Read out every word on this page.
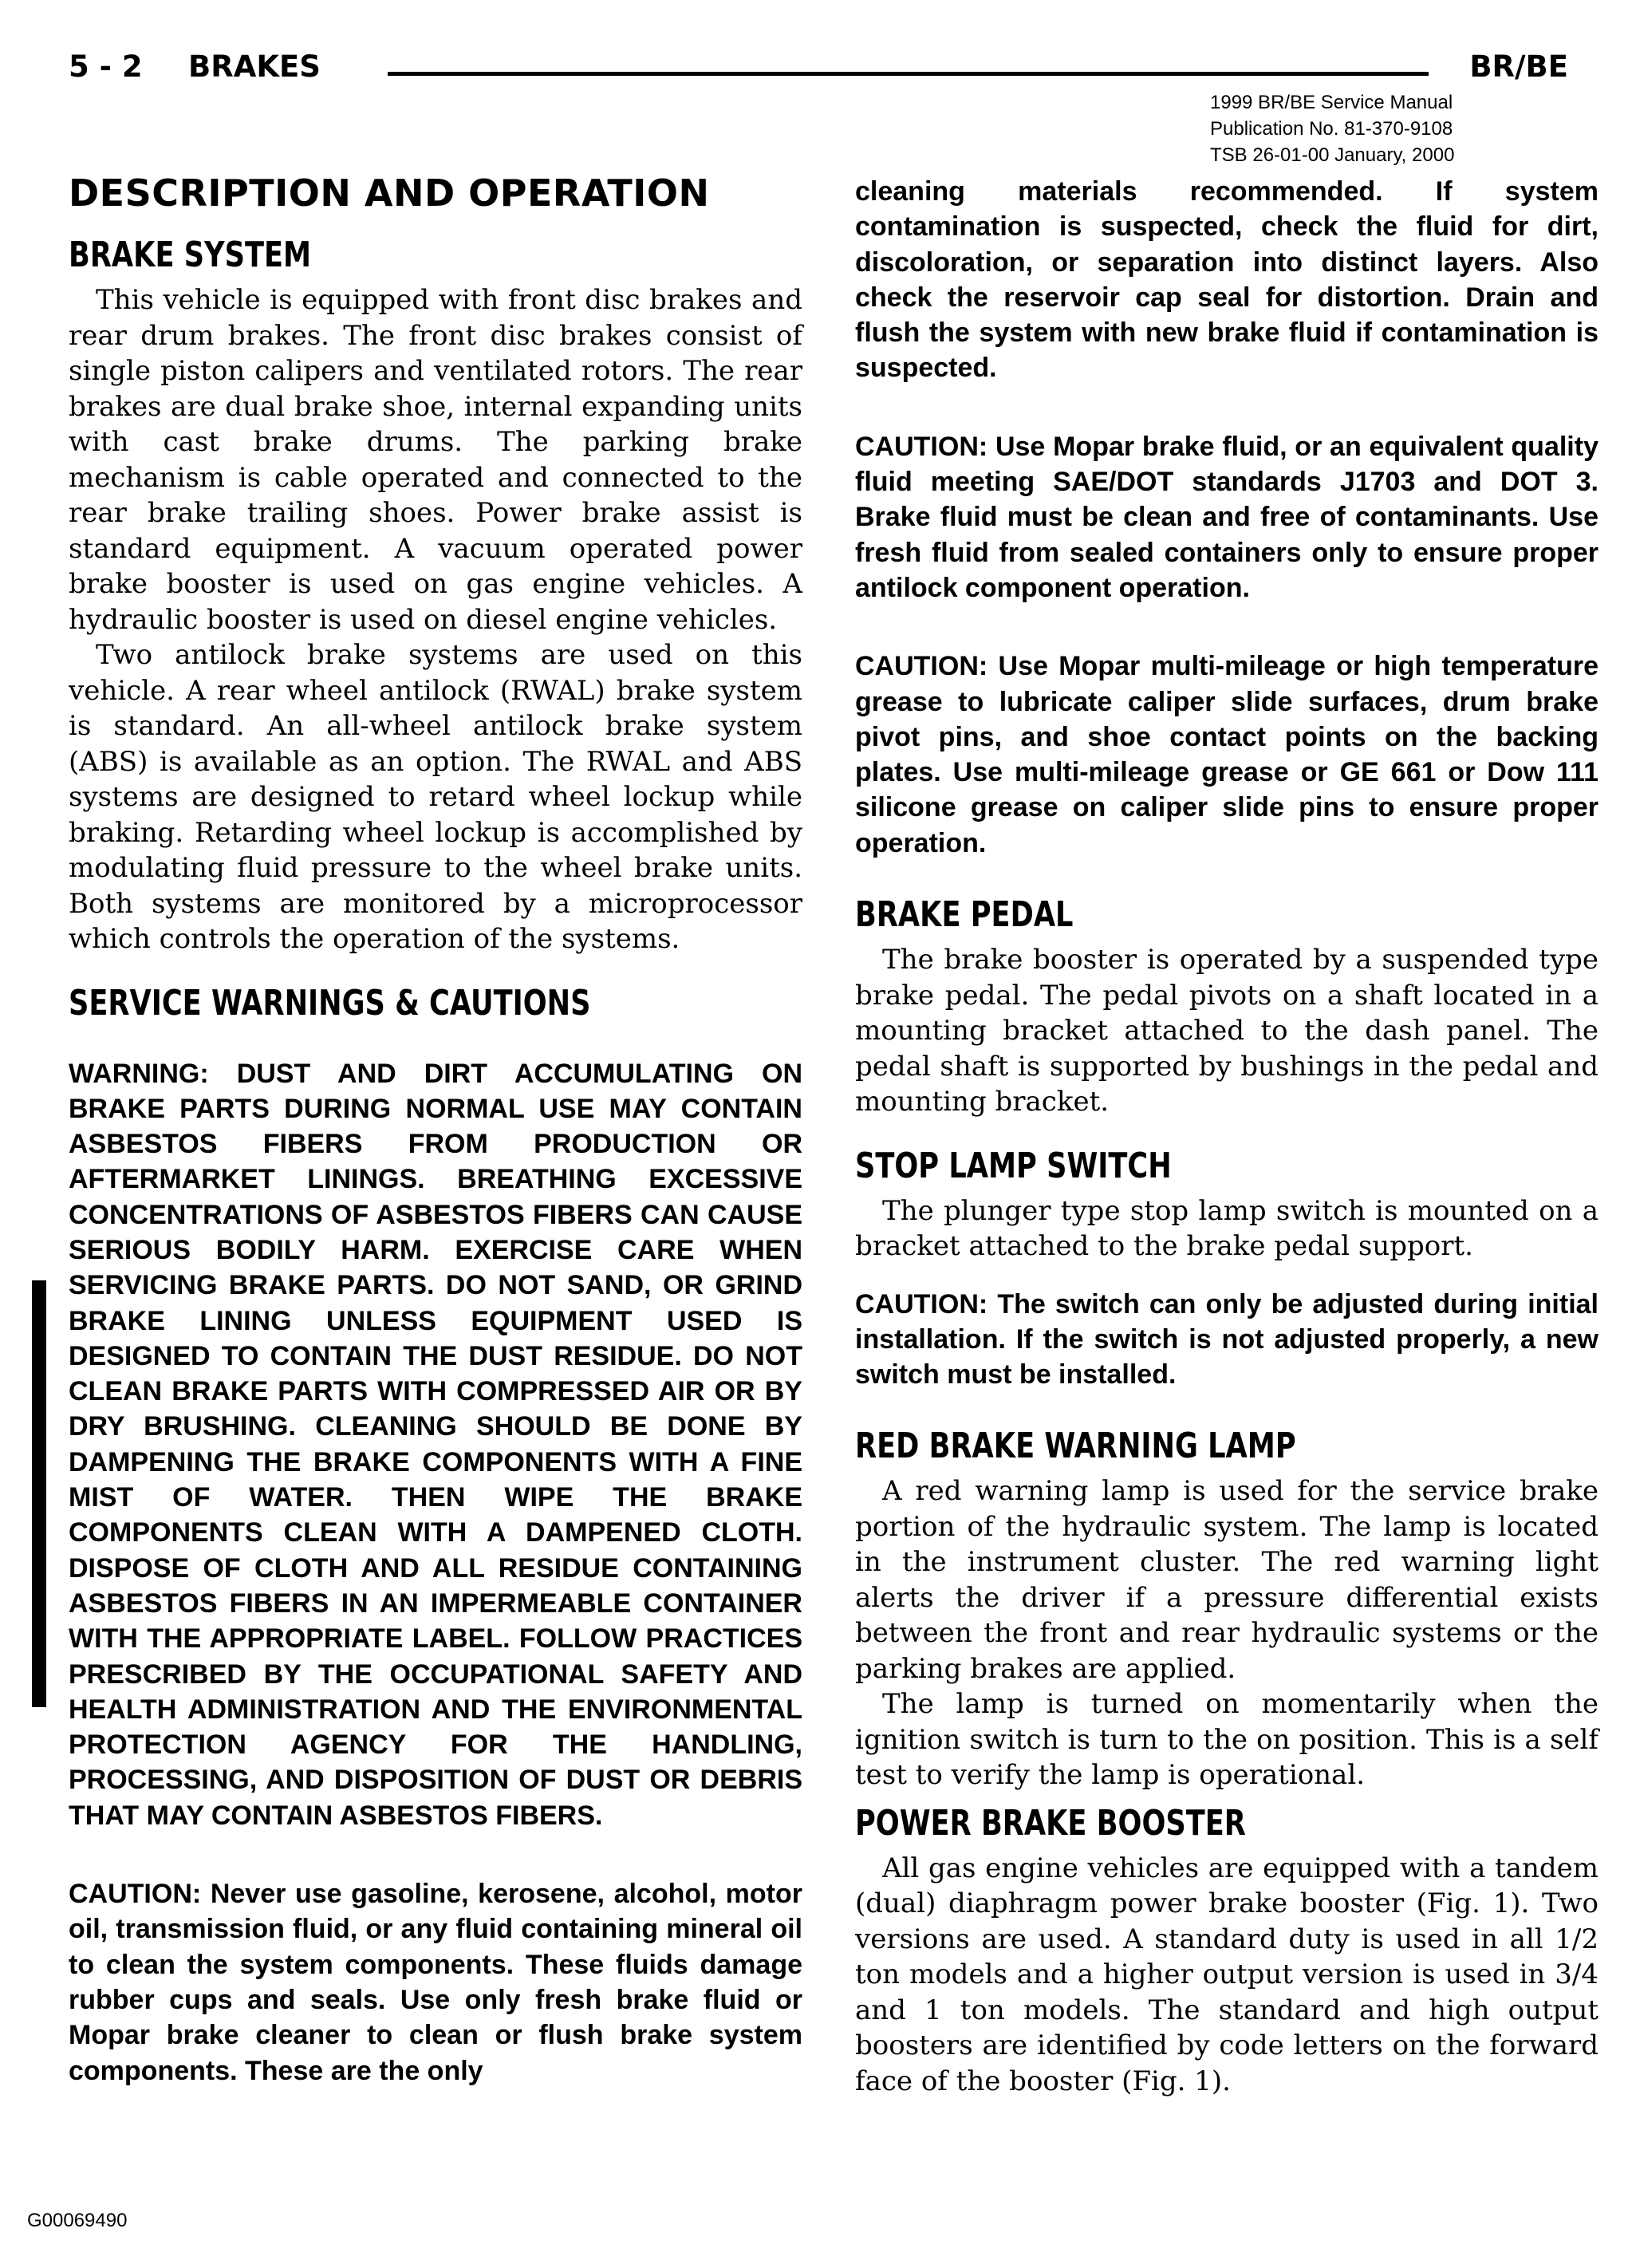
5 - 2 BRAKES	BR/BE
1999 BR/BE Service Manual
Publication No. 81-370-9108
TSB 26-01-00 January, 2000
DESCRIPTION AND OPERATION
BRAKE SYSTEM

This vehicle is equipped with front disc brakes and rear drum brakes. The front disc brakes consist of single piston calipers and ventilated rotors. The rear brakes are dual brake shoe, internal expanding units with cast brake drums. The parking brake mechanism is cable operated and connected to the rear brake trailing shoes. Power brake assist is standard equipment. A vacuum operated power brake booster is used on gas engine vehicles. A hydraulic booster is used on diesel engine vehicles.

Two antilock brake systems are used on this vehicle. A rear wheel antilock (RWAL) brake system is standard. An all-wheel antilock brake system (ABS) is available as an option. The RWAL and ABS systems are designed to retard wheel lockup while braking. Retarding wheel lockup is accomplished by modulating fluid pressure to the wheel brake units. Both systems are monitored by a microprocessor which controls the operation of the systems.

SERVICE WARNINGS & CAUTIONS
WARNING: DUST AND DIRT ACCUMULATING ON BRAKE PARTS DURING NORMAL USE MAY CONTAIN ASBESTOS FIBERS FROM PRODUCTION OR AFTERMARKET LININGS. BREATHING EXCESSIVE CONCENTRATIONS OF ASBESTOS FIBERS CAN CAUSE SERIOUS BODILY HARM. EXERCISE CARE WHEN SERVICING BRAKE PARTS. DO NOT SAND, OR GRIND BRAKE LINING UNLESS EQUIPMENT USED IS DESIGNED TO CONTAIN THE DUST RESIDUE. DO NOT CLEAN BRAKE PARTS WITH COMPRESSED AIR OR BY DRY BRUSHING. CLEANING SHOULD BE DONE BY DAMPENING THE BRAKE COMPONENTS WITH A FINE MIST OF WATER. THEN WIPE THE BRAKE COMPONENTS CLEAN WITH A DAMPENED CLOTH. DISPOSE OF CLOTH AND ALL RESIDUE CONTAINING ASBESTOS FIBERS IN AN IMPERMEABLE CONTAINER WITH THE APPROPRIATE LABEL. FOLLOW PRACTICES PRESCRIBED BY THE OCCUPATIONAL SAFETY AND HEALTH ADMINISTRATION AND THE ENVIRONMENTAL PROTECTION AGENCY FOR THE HANDLING, PROCESSING, AND DISPOSITION OF DUST OR DEBRIS THAT MAY CONTAIN ASBESTOS FIBERS.
CAUTION: Never use gasoline, kerosene, alcohol, motor oil, transmission fluid, or any fluid containing mineral oil to clean the system components. These fluids damage rubber cups and seals. Use only fresh brake fluid or Mopar brake cleaner to clean or flush brake system components. These are the only
cleaning materials recommended. If system contamination is suspected, check the fluid for dirt, discoloration, or separation into distinct layers. Also check the reservoir cap seal for distortion. Drain and flush the system with new brake fluid if contamination is suspected.
CAUTION: Use Mopar brake fluid, or an equivalent quality fluid meeting SAE/DOT standards J1703 and DOT 3. Brake fluid must be clean and free of contaminants. Use fresh fluid from sealed containers only to ensure proper antilock component operation.
CAUTION: Use Mopar multi-mileage or high temperature grease to lubricate caliper slide surfaces, drum brake pivot pins, and shoe contact points on the backing plates. Use multi-mileage grease or GE 661 or Dow 111 silicone grease on caliper slide pins to ensure proper operation.
BRAKE PEDAL

The brake booster is operated by a suspended type brake pedal. The pedal pivots on a shaft located in a mounting bracket attached to the dash panel. The pedal shaft is supported by bushings in the pedal and mounting bracket.

STOP LAMP SWITCH

The plunger type stop lamp switch is mounted on a bracket attached to the brake pedal support.

CAUTION: The switch can only be adjusted during initial installation. If the switch is not adjusted properly, a new switch must be installed.
RED BRAKE WARNING LAMP

A red warning lamp is used for the service brake portion of the hydraulic system. The lamp is located in the instrument cluster. The red warning light alerts the driver if a pressure differential exists between the front and rear hydraulic systems or the parking brakes are applied.

The lamp is turned on momentarily when the ignition switch is turn to the on position. This is a self test to verify the lamp is operational.

POWER BRAKE BOOSTER

All gas engine vehicles are equipped with a tandem (dual) diaphragm power brake booster (Fig. 1). Two versions are used. A standard duty is used in all 1/2 ton models and a higher output version is used in 3/4 and 1 ton models. The standard and high output boosters are identified by code letters on the forward face of the booster (Fig. 1).

G00069490
